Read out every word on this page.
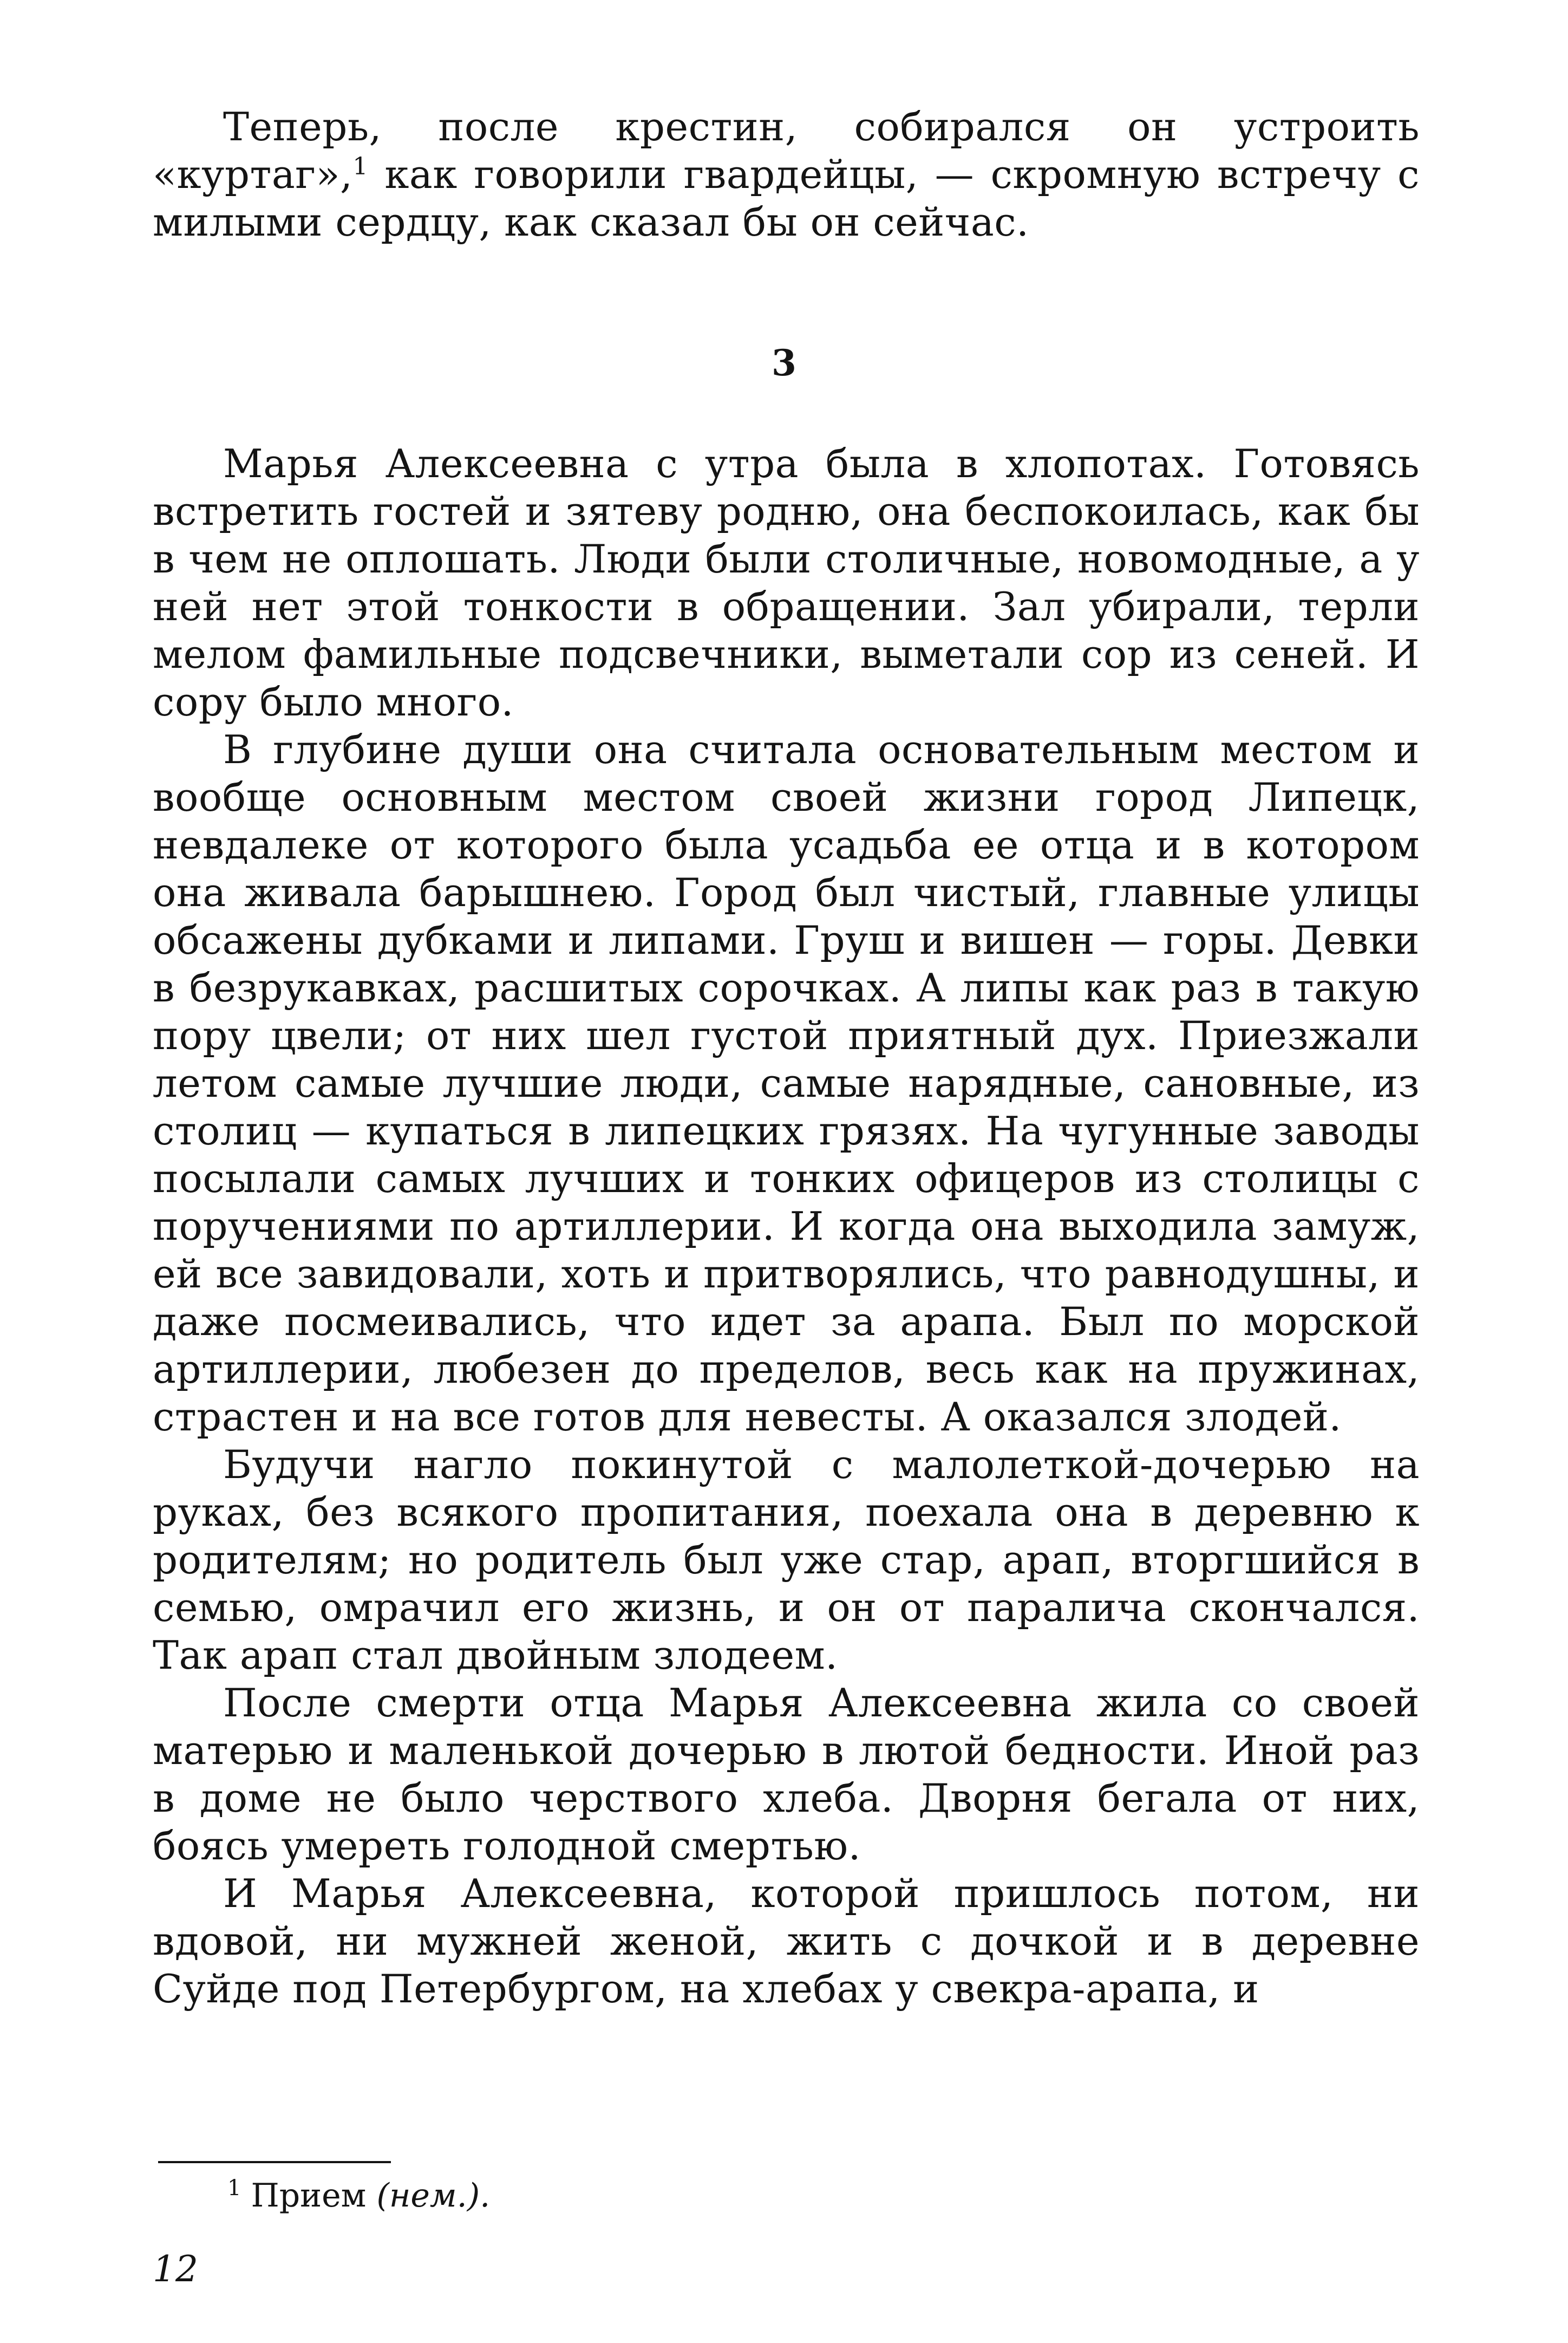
Теперь, после крестин, собирался он устроить «куртаг»,$^1$ как говорили гвардейцы, — скромную встречу с милыми сердцу, как сказал бы он сейчас.

3

Марья Алексеевна с утра была в хлопотах. Готовясь встретить гостей и зятеву родню, она беспокоилась, как бы в чем не оплошать. Люди были столичные, новомодные, а у ней нет этой тонкости в обращении. Зал убирали, терли мелом фамильные подсвечники, выметали сор из сеней. И сору было много.

В глубине души она считала основательным местом и вообще основным местом своей жизни город Липецк, невдалеке от которого была усадьба ее отца и в котором она живала барышнею. Город был чистый, главные улицы обсажены дубками и липами. Груш и вишен — горы. Девки в безрукавках, расшитых сорочках. А липы как раз в такую пору цвели; от них шел густой приятный дух. Приезжали летом самые лучшие люди, самые нарядные, сановные, из столиц — купаться в липецких грязях. На чугунные заводы посылали самых лучших и тонких офицеров из столицы с поручениями по артиллерии. И когда она выходила замуж, ей все завидовали, хоть и притворялись, что равнодушны, и даже посмеивались, что идет за арапа. Был по морской артиллерии, любезен до пределов, весь как на пружинах, страстен и на все готов для невесты. А оказался злодей.

Будучи нагло покинутой с малолеткой-дочерью на руках, без всякого пропитания, поехала она в деревню к родителям; но родитель был уже стар, арап, вторгшийся в семью, омрачил его жизнь, и он от паралича скончался. Так арап стал двойным злодеем.

После смерти отца Марья Алексеевна жила со своей матерью и маленькой дочерью в лютой бедности. Иной раз в доме не было черствого хлеба. Дворня бегала от них, боясь умереть голодной смертью.

И Марья Алексеевна, которой пришлось потом, ни вдовой, ни мужней женой, жить с дочкой и в деревне Суйде под Петербургом, на хлебах у свекра-арапа, и

$^1$ Прием (нем.).
12
